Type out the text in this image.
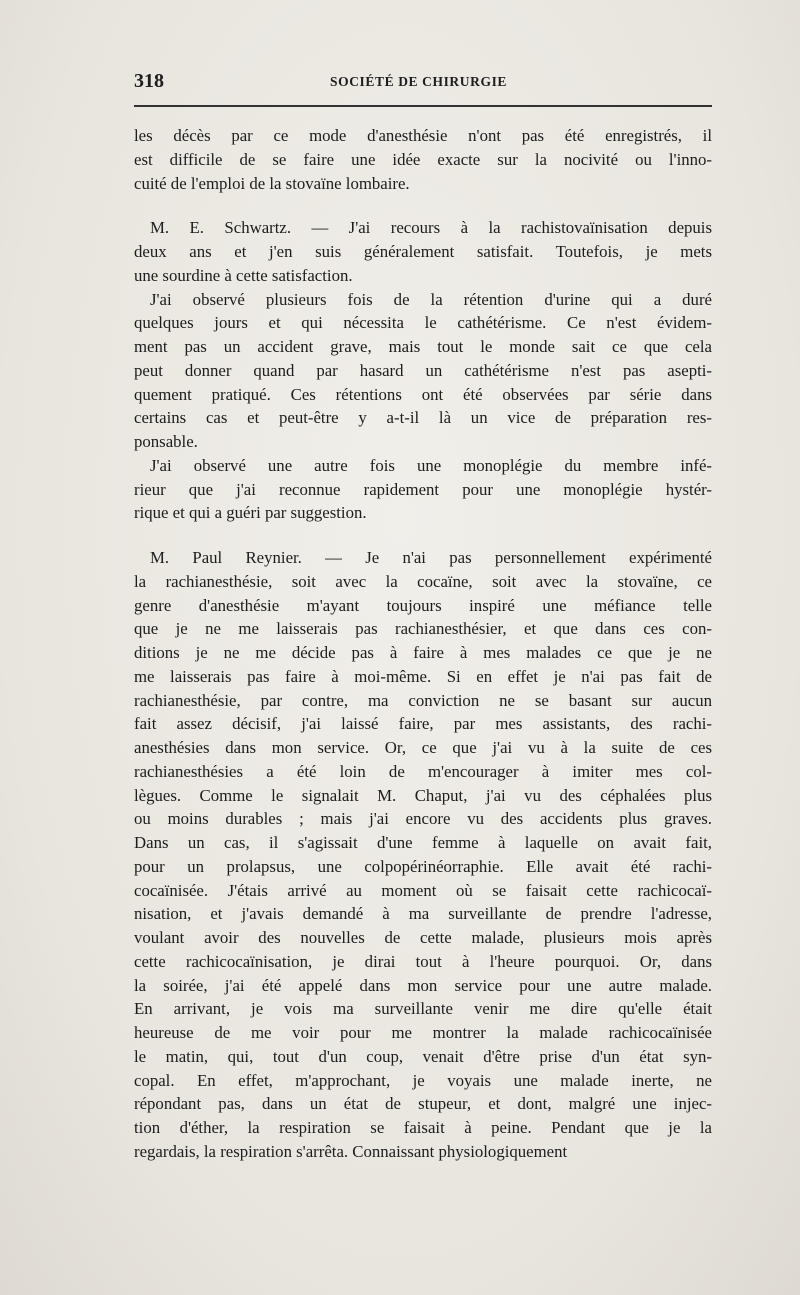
318	SOCIÉTÉ DE CHIRURGIE
les décès par ce mode d'anesthésie n'ont pas été enregistrés, il
est difficile de se faire une idée exacte sur la nocivité ou l'inno-
cuité de l'emploi de la stovaïne lombaire.
M. E. Schwartz. — J'ai recours à la rachistovaïnisation depuis
deux ans et j'en suis généralement satisfait. Toutefois, je mets
une sourdine à cette satisfaction.
J'ai observé plusieurs fois de la rétention d'urine qui a duré
quelques jours et qui nécessita le cathétérisme. Ce n'est évidem-
ment pas un accident grave, mais tout le monde sait ce que cela
peut donner quand par hasard un cathétérisme n'est pas asepti-
quement pratiqué. Ces rétentions ont été observées par série dans
certains cas et peut-être y a-t-il là un vice de préparation res-
ponsable.
J'ai observé une autre fois une monoplégie du membre infé-
rieur que j'ai reconnue rapidement pour une monoplégie hystér-
rique et qui a guéri par suggestion.
M. Paul Reynier. — Je n'ai pas personnellement expérimenté
la rachianesthésie, soit avec la cocaïne, soit avec la stovaïne, ce
genre d'anesthésie m'ayant toujours inspiré une méfiance telle
que je ne me laisserais pas rachianesthésier, et que dans ces con-
ditions je ne me décide pas à faire à mes malades ce que je ne
me laisserais pas faire à moi-même. Si en effet je n'ai pas fait de
rachianesthésie, par contre, ma conviction ne se basant sur aucun
fait assez décisif, j'ai laissé faire, par mes assistants, des rachi-
anesthésies dans mon service. Or, ce que j'ai vu à la suite de ces
rachianesthésies a été loin de m'encourager à imiter mes col-
lègues. Comme le signalait M. Chaput, j'ai vu des céphalées plus
ou moins durables ; mais j'ai encore vu des accidents plus graves.
Dans un cas, il s'agissait d'une femme à laquelle on avait fait,
pour un prolapsus, une colpopérinéorraphie. Elle avait été rachi-
cocaïnisée. J'étais arrivé au moment où se faisait cette rachicocaï-
nisation, et j'avais demandé à ma surveillante de prendre l'adresse,
voulant avoir des nouvelles de cette malade, plusieurs mois après
cette rachicocaïnisation, je dirai tout à l'heure pourquoi. Or, dans
la soirée, j'ai été appelé dans mon service pour une autre malade.
En arrivant, je vois ma surveillante venir me dire qu'elle était
heureuse de me voir pour me montrer la malade rachicocaïnisée
le matin, qui, tout d'un coup, venait d'être prise d'un état syn-
copal. En effet, m'approchant, je voyais une malade inerte, ne
répondant pas, dans un état de stupeur, et dont, malgré une injec-
tion d'éther, la respiration se faisait à peine. Pendant que je la
regardais, la respiration s'arrêta. Connaissant physiologiquement
